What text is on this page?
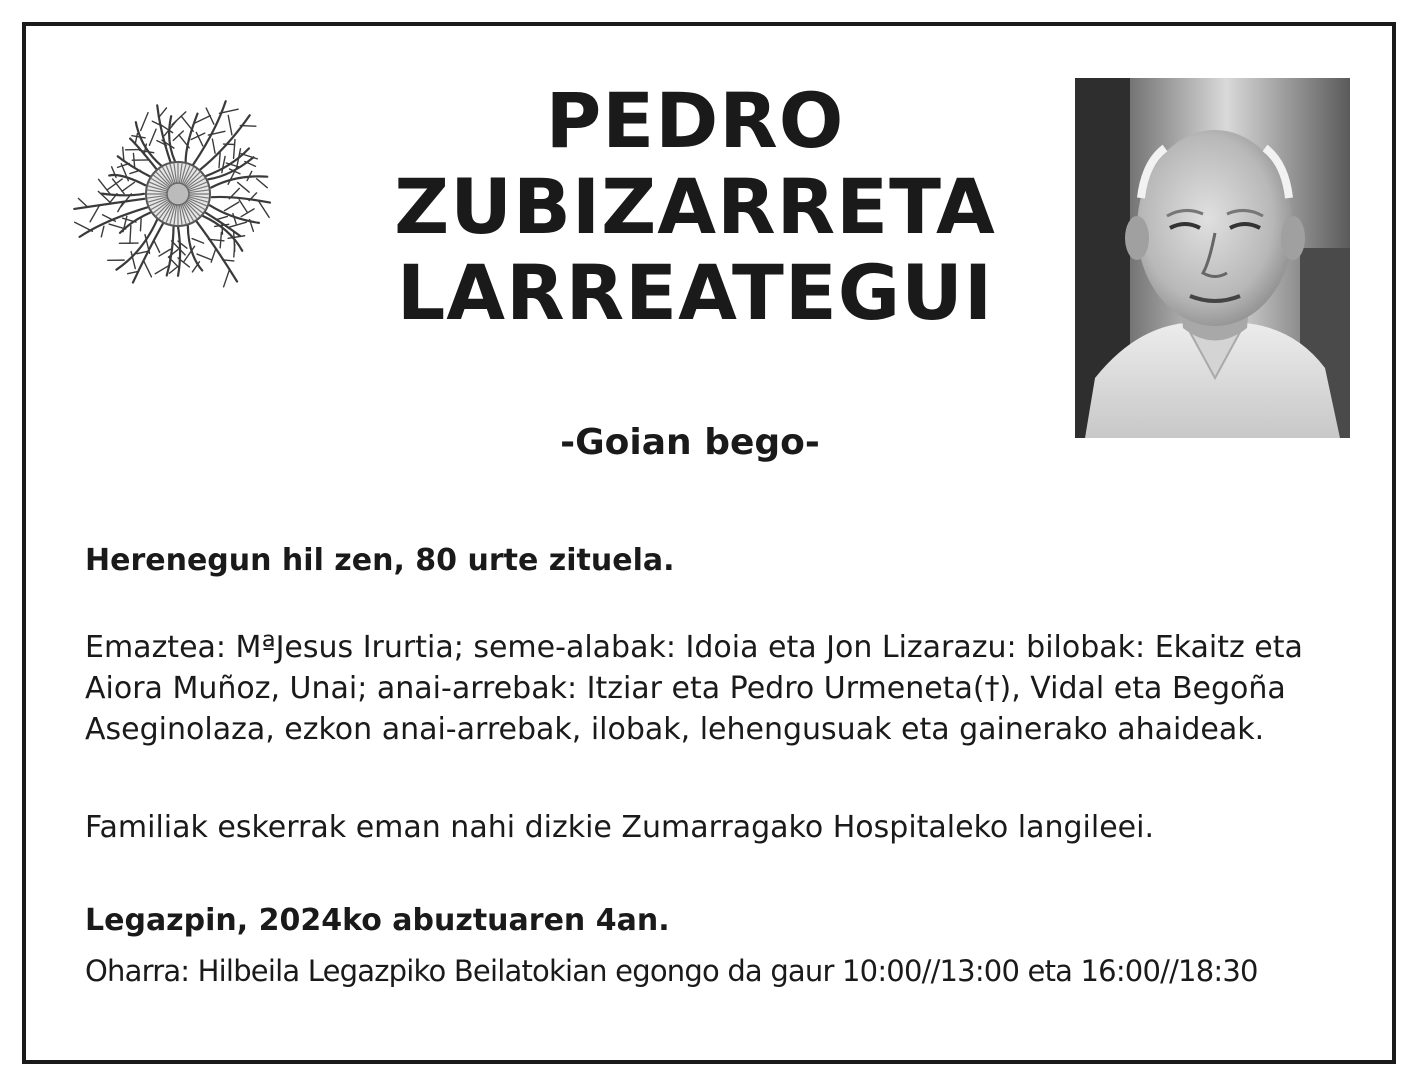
PEDRO
ZUBIZARRETA
LARREATEGUI
-Goian bego-
Herenegun hil zen, 80 urte zituela.
Emaztea: MªJesus Irurtia; seme-alabak: Idoia eta Jon Lizarazu: bilobak: Ekaitz eta
Aiora Muñoz, Unai; anai-arrebak: Itziar eta Pedro Urmeneta(†), Vidal eta Begoña
Aseginolaza, ezkon anai-arrebak, ilobak, lehengusuak eta gainerako ahaideak.
Familiak eskerrak eman nahi dizkie Zumarragako Hospitaleko langileei.
Legazpin, 2024ko abuztuaren 4an.
Oharra: Hilbeila Legazpiko Beilatokian egongo da gaur 10:00//13:00 eta 16:00//18:30
